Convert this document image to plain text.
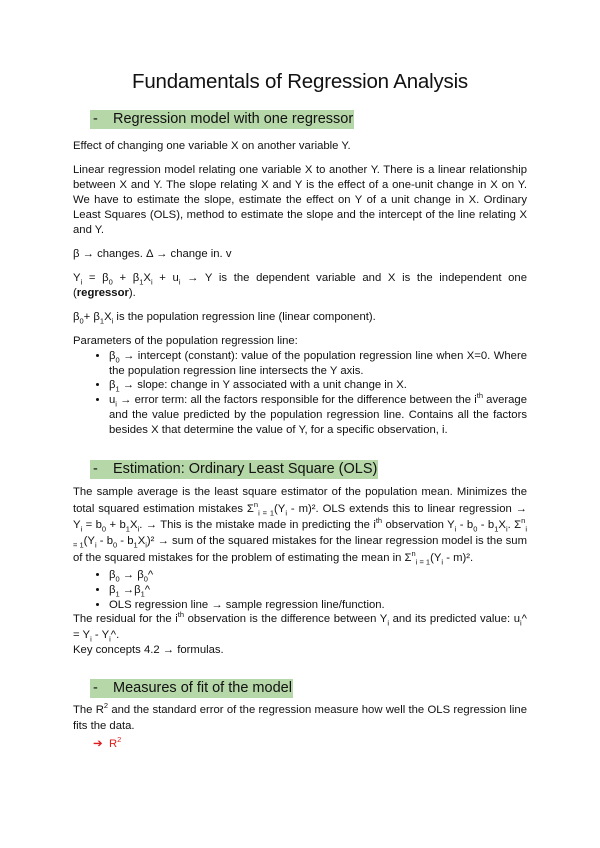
Fundamentals of Regression Analysis
- Regression model with one regressor

Effect of changing one variable X on another variable Y.

Linear regression model relating one variable X to another Y. There is a linear relationship between X and Y. The slope relating X and Y is the effect of a one-unit change in X on Y. We have to estimate the slope, estimate the effect on Y of a unit change in X. Ordinary Least Squares (OLS), method to estimate the slope and the intercept of the line relating X and Y.

β → changes. Δ → change in. v

$Y_i = \beta_0 + \beta_1X_i + u_i \to Y$ is the dependent variable and X is the independent one (regressor).

$\beta_0+ \beta_1X_i$ is the population regression line (linear component).

Parameters of the population regression line:

• $\beta_0$ → intercept (constant): value of the population regression line when X=0. Where the population regression line intersects the Y axis.
• $\beta_1$ → slope: change in Y associated with a unit change in X.
• $u_i$ → error term: all the factors responsible for the difference between the $i^{th}$ average and the value predicted by the population regression line. Contains all the factors besides X that determine the value of Y, for a specific observation, i.
- Estimation: Ordinary Least Square (OLS)

The sample average is the least square estimator of the population mean. Minimizes the total squared estimation mistakes $\Sigma^n_{i = 1}(Y_i - m)^2$. OLS extends this to linear regression → $Y_i = b_0 + b_1X_i$. → This is the mistake made in predicting the $i^{th}$ observation $Y_i - b_0 - b_1X_i$. $\Sigma^n_{i = 1}(Y_i - b_0 - b_1X_i)^2$ → sum of the squared mistakes for the linear regression model is the sum of the squared mistakes for the problem of estimating the mean in $\Sigma^n_{i = 1}(Y_i - m)^2$.

• $\beta_0$ → $\beta_0\^{}$
• $\beta_1$ $\to\beta_1\^{}$
• OLS regression line → sample regression line/function.

The residual for the $i^{th}$ observation is the difference between $Y_i$ and its predicted value: $u_i\^{} = Y_i$ - $Y_i\^{}$.

Key concepts 4.2 → formulas.

- Measures of fit of the model

The $R^2$ and the standard error of the regression measure how well the OLS regression line fits the data.

➔ $R^2$
